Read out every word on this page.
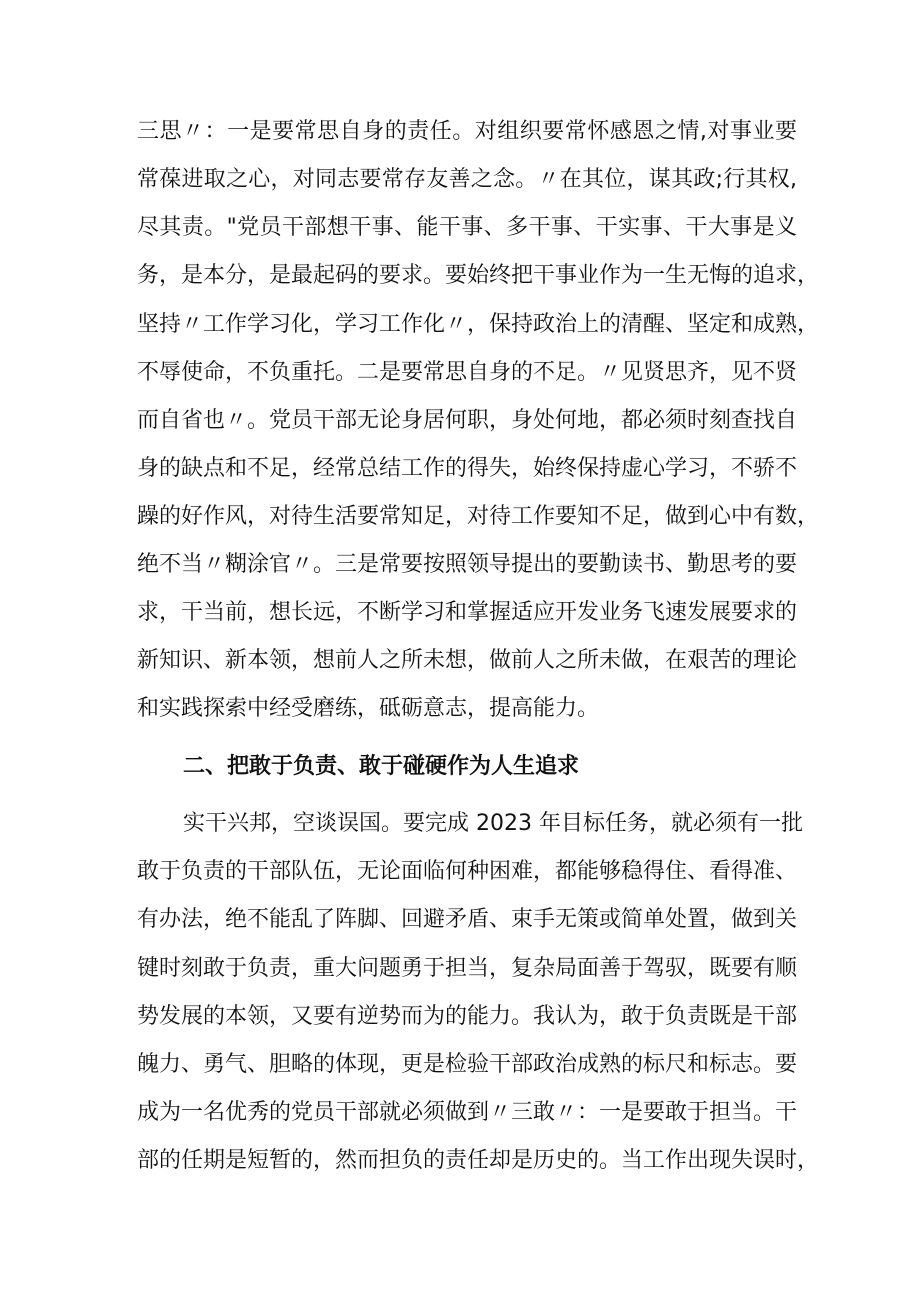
三思〃：一是要常思自身的责任。对组织要常怀感恩之情,对事业要
常葆进取之心，对同志要常存友善之念。〃在其位，谋其政;行其权,
尽其责。"党员干部想干事、能干事、多干事、干实事、干大事是义
务，是本分，是最起码的要求。要始终把干事业作为一生无悔的追求，
坚持〃工作学习化，学习工作化〃，保持政治上的清醒、坚定和成熟，
不辱使命，不负重托。二是要常思自身的不足。〃见贤思齐，见不贤
而自省也〃。党员干部无论身居何职，身处何地，都必须时刻查找自
身的缺点和不足，经常总结工作的得失，始终保持虚心学习，不骄不
躁的好作风，对待生活要常知足，对待工作要知不足，做到心中有数，
绝不当〃糊涂官〃。三是常要按照领导提出的要勤读书、勤思考的要
求，干当前，想长远，不断学习和掌握适应开发业务飞速发展要求的
新知识、新本领，想前人之所未想，做前人之所未做，在艰苦的理论
和实践探索中经受磨练，砥砺意志，提高能力。
二、把敢于负责、敢于碰硬作为人生追求
实干兴邦，空谈误国。要完成 2023 年目标任务，就必须有一批
敢于负责的干部队伍，无论面临何种困难，都能够稳得住、看得准、
有办法，绝不能乱了阵脚、回避矛盾、束手无策或简单处置，做到关
键时刻敢于负责，重大问题勇于担当，复杂局面善于驾驭，既要有顺
势发展的本领，又要有逆势而为的能力。我认为，敢于负责既是干部
魄力、勇气、胆略的体现，更是检验干部政治成熟的标尺和标志。要
成为一名优秀的党员干部就必须做到〃三敢〃：一是要敢于担当。干
部的任期是短暂的，然而担负的责任却是历史的。当工作出现失误时，
